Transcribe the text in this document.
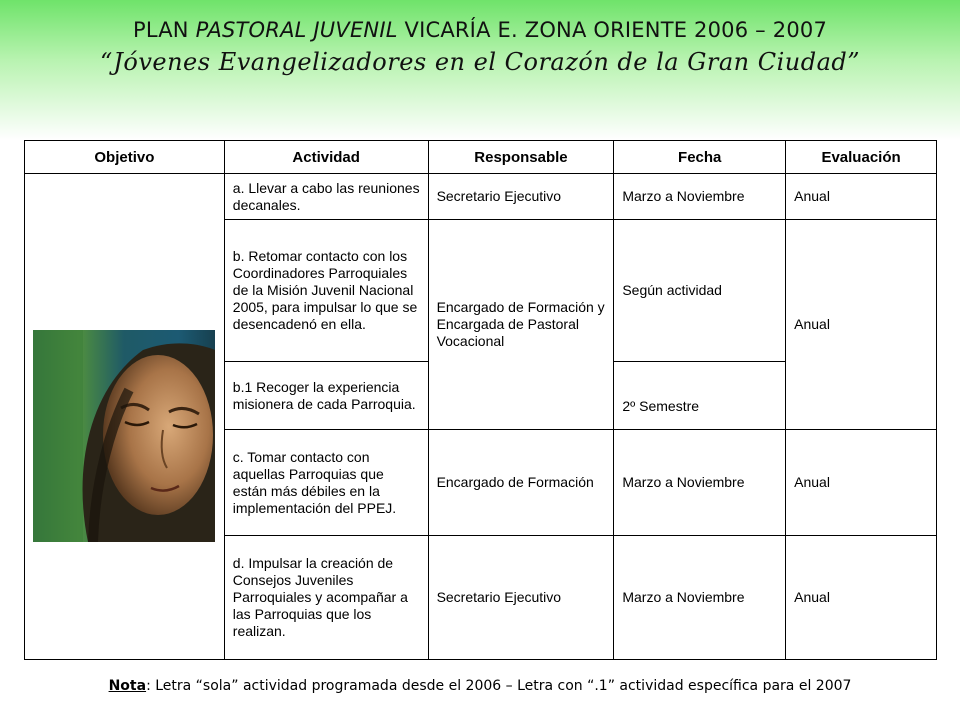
PLAN PASTORAL JUVENIL VICARÍA E. ZONA ORIENTE 2006 – 2007
“Jóvenes Evangelizadores en el Corazón de la Gran Ciudad”
Objetivo	Actividad	Responsable	Fecha	Evaluación

	a. Llevar a cabo las reuniones decanales.	Secretario Ejecutivo	Marzo a Noviembre	Anual
	b. Retomar contacto con los Coordinadores Parroquiales de la Misión Juvenil Nacional 2005, para impulsar lo que se desencadenó en ella.	Encargado de Formación y Encargada de Pastoral Vocacional	Según actividad	Anual
	b.1 Recoger la experiencia misionera de cada Parroquia.		2º Semestre	
	c. Tomar contacto con aquellas Parroquias que están más débiles en la implementación del PPEJ.	Encargado de Formación	Marzo a Noviembre	Anual
	d. Impulsar la creación de Consejos Juveniles Parroquiales y acompañar a las Parroquias que los realizan.	Secretario Ejecutivo	Marzo a Noviembre	Anual
Nota: Letra “sola” actividad programada desde el 2006 – Letra con “.1” actividad específica para el 2007
